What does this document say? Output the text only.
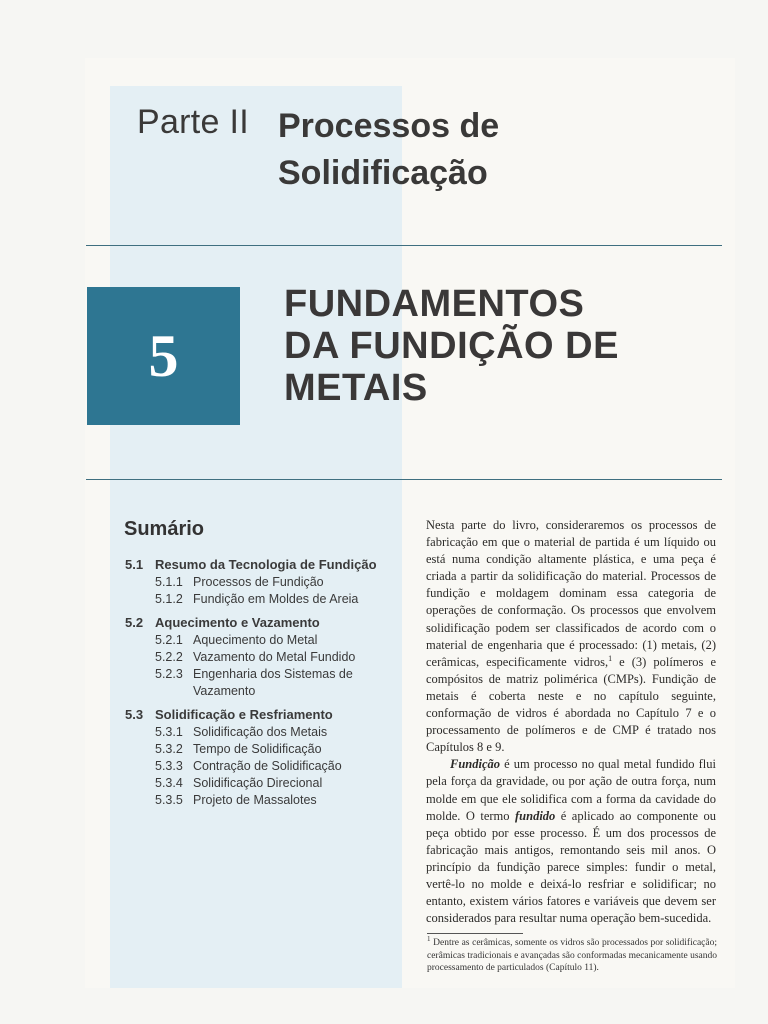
Parte II Processos de
Solidificação
5
FUNDAMENTOS
DA FUNDIÇÃO DE
METAIS
Sumário
5.1 Resumo da Tecnologia de Fundição
5.1.1 Processos de Fundição
5.1.2 Fundição em Moldes de Areia
5.2 Aquecimento e Vazamento
5.2.1 Aquecimento do Metal
5.2.2 Vazamento do Metal Fundido
5.2.3 Engenharia dos Sistemas de Vazamento
5.3 Solidificação e Resfriamento
5.3.1 Solidificação dos Metais
5.3.2 Tempo de Solidificação
5.3.3 Contração de Solidificação
5.3.4 Solidificação Direcional
5.3.5 Projeto de Massalotes

Nesta parte do livro, consideraremos os processos de fabricação em que o material de partida é um líquido ou está numa condição altamente plástica, e uma peça é criada a partir da solidificação do material. Processos de fundição e moldagem dominam essa categoria de operações de conformação. Os processos que envolvem solidificação podem ser classificados de acordo com o material de engenharia que é processado: (1) metais, (2) cerâmicas, especificamente vidros,$^1$ e (3) polímeros e compósitos de matriz polimérica (CMPs). Fundição de metais é coberta neste e no capítulo seguinte, conformação de vidros é abordada no Capítulo 7 e o processamento de polímeros e de CMP é tratado nos Capítulos 8 e 9.

Fundição é um processo no qual metal fundido flui pela força da gravidade, ou por ação de outra força, num molde em que ele solidifica com a forma da cavidade do molde. O termo fundido é aplicado ao componente ou peça obtido por esse processo. É um dos processos de fabricação mais antigos, remontando seis mil anos. O princípio da fundição parece simples: fundir o metal, vertê-lo no molde e deixá-lo resfriar e solidificar; no entanto, existem vários fatores e variáveis que devem ser considerados para resultar numa operação bem-sucedida.

$^1$ Dentre as cerâmicas, somente os vidros são processados por solidificação; cerâmicas tradicionais e avançadas são conformadas mecanicamente usando processamento de particulados (Capítulo 11).
